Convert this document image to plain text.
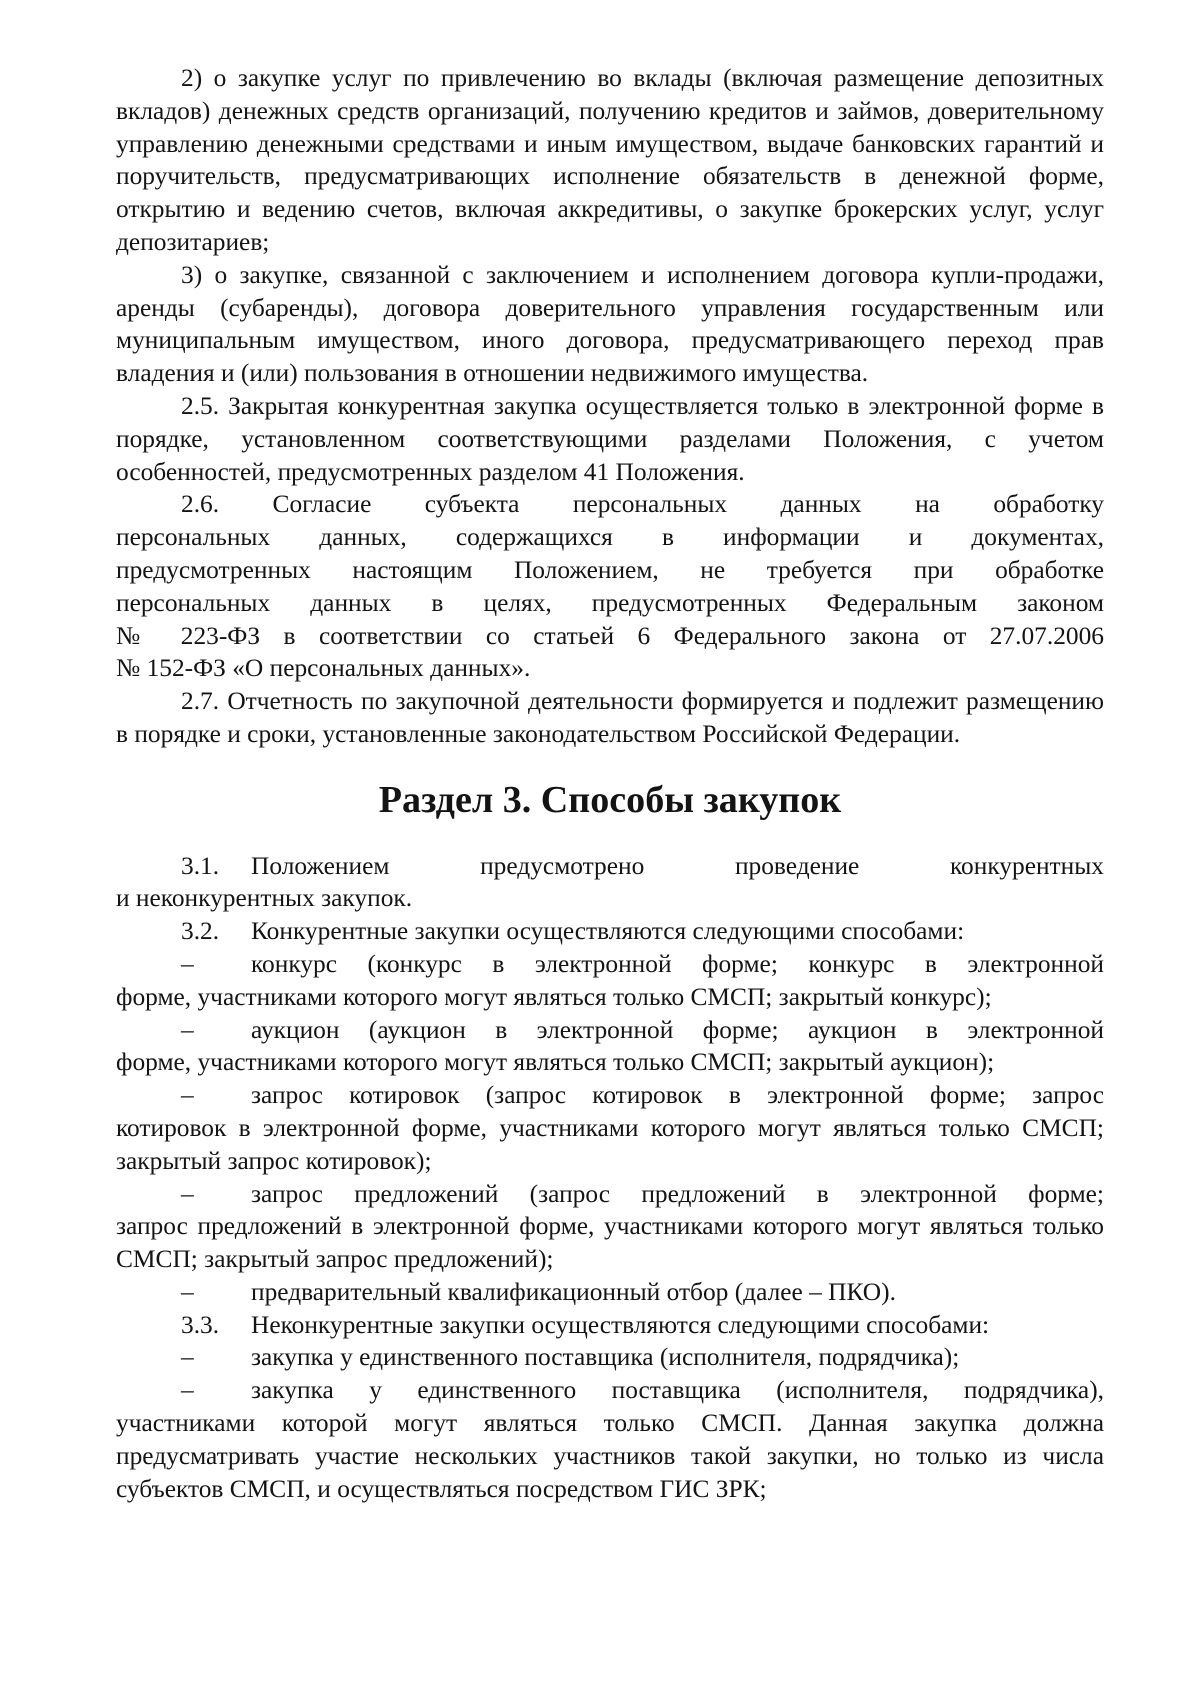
2) о закупке услуг по привлечению во вклады (включая размещение депозитных вкладов) денежных средств организаций, получению кредитов и займов, доверительному управлению денежными средствами и иным имуществом, выдаче банковских гарантий и поручительств, предусматривающих исполнение обязательств в денежной форме, открытию и ведению счетов, включая аккредитивы, о закупке брокерских услуг, услуг депозитариев;

3) о закупке, связанной с заключением и исполнением договора купли-продажи, аренды (субаренды), договора доверительного управления государственным или муниципальным имуществом, иного договора, предусматривающего переход прав владения и (или) пользования в отношении недвижимого имущества.

2.5. Закрытая конкурентная закупка осуществляется только в электронной форме в порядке, установленном соответствующими разделами Положения, с учетом особенностей, предусмотренных разделом 41 Положения.

2.6. Согласие субъекта персональных данных на обработку
персональных данных, содержащихся в информации и документах,
предусмотренных настоящим Положением, не требуется при обработке
персональных данных в целях, предусмотренных Федеральным законом
№ 223-ФЗ в соответствии со статьей 6 Федерального закона от 27.07.2006
№ 152-ФЗ «О персональных данных».

2.7. Отчетность по закупочной деятельности формируется и подлежит размещению в порядке и сроки, установленные законодательством Российской Федерации.

Раздел 3. Способы закупок
3.1. Положением предусмотрено проведение конкурентных
и неконкурентных закупок.
3.2. Конкурентные закупки осуществляются следующими способами:
– конкурс (конкурс в электронной форме; конкурс в электронной

форме, участниками которого могут являться только СМСП; закрытый конкурс);

– аукцион (аукцион в электронной форме; аукцион в электронной

форме, участниками которого могут являться только СМСП; закрытый аукцион);

– запрос котировок (запрос котировок в электронной форме; запрос

котировок в электронной форме, участниками которого могут являться только СМСП; закрытый запрос котировок);

– запрос предложений (запрос предложений в электронной форме;

запрос предложений в электронной форме, участниками которого могут являться только СМСП; закрытый запрос предложений);

– предварительный квалификационный отбор (далее – ПКО).
3.3. Неконкурентные закупки осуществляются следующими способами:
– закупка у единственного поставщика (исполнителя, подрядчика);
– закупка у единственного поставщика (исполнителя, подрядчика),

участниками которой могут являться только СМСП. Данная закупка должна предусматривать участие нескольких участников такой закупки, но только из числа субъектов СМСП, и осуществляться посредством ГИС ЗРК;
